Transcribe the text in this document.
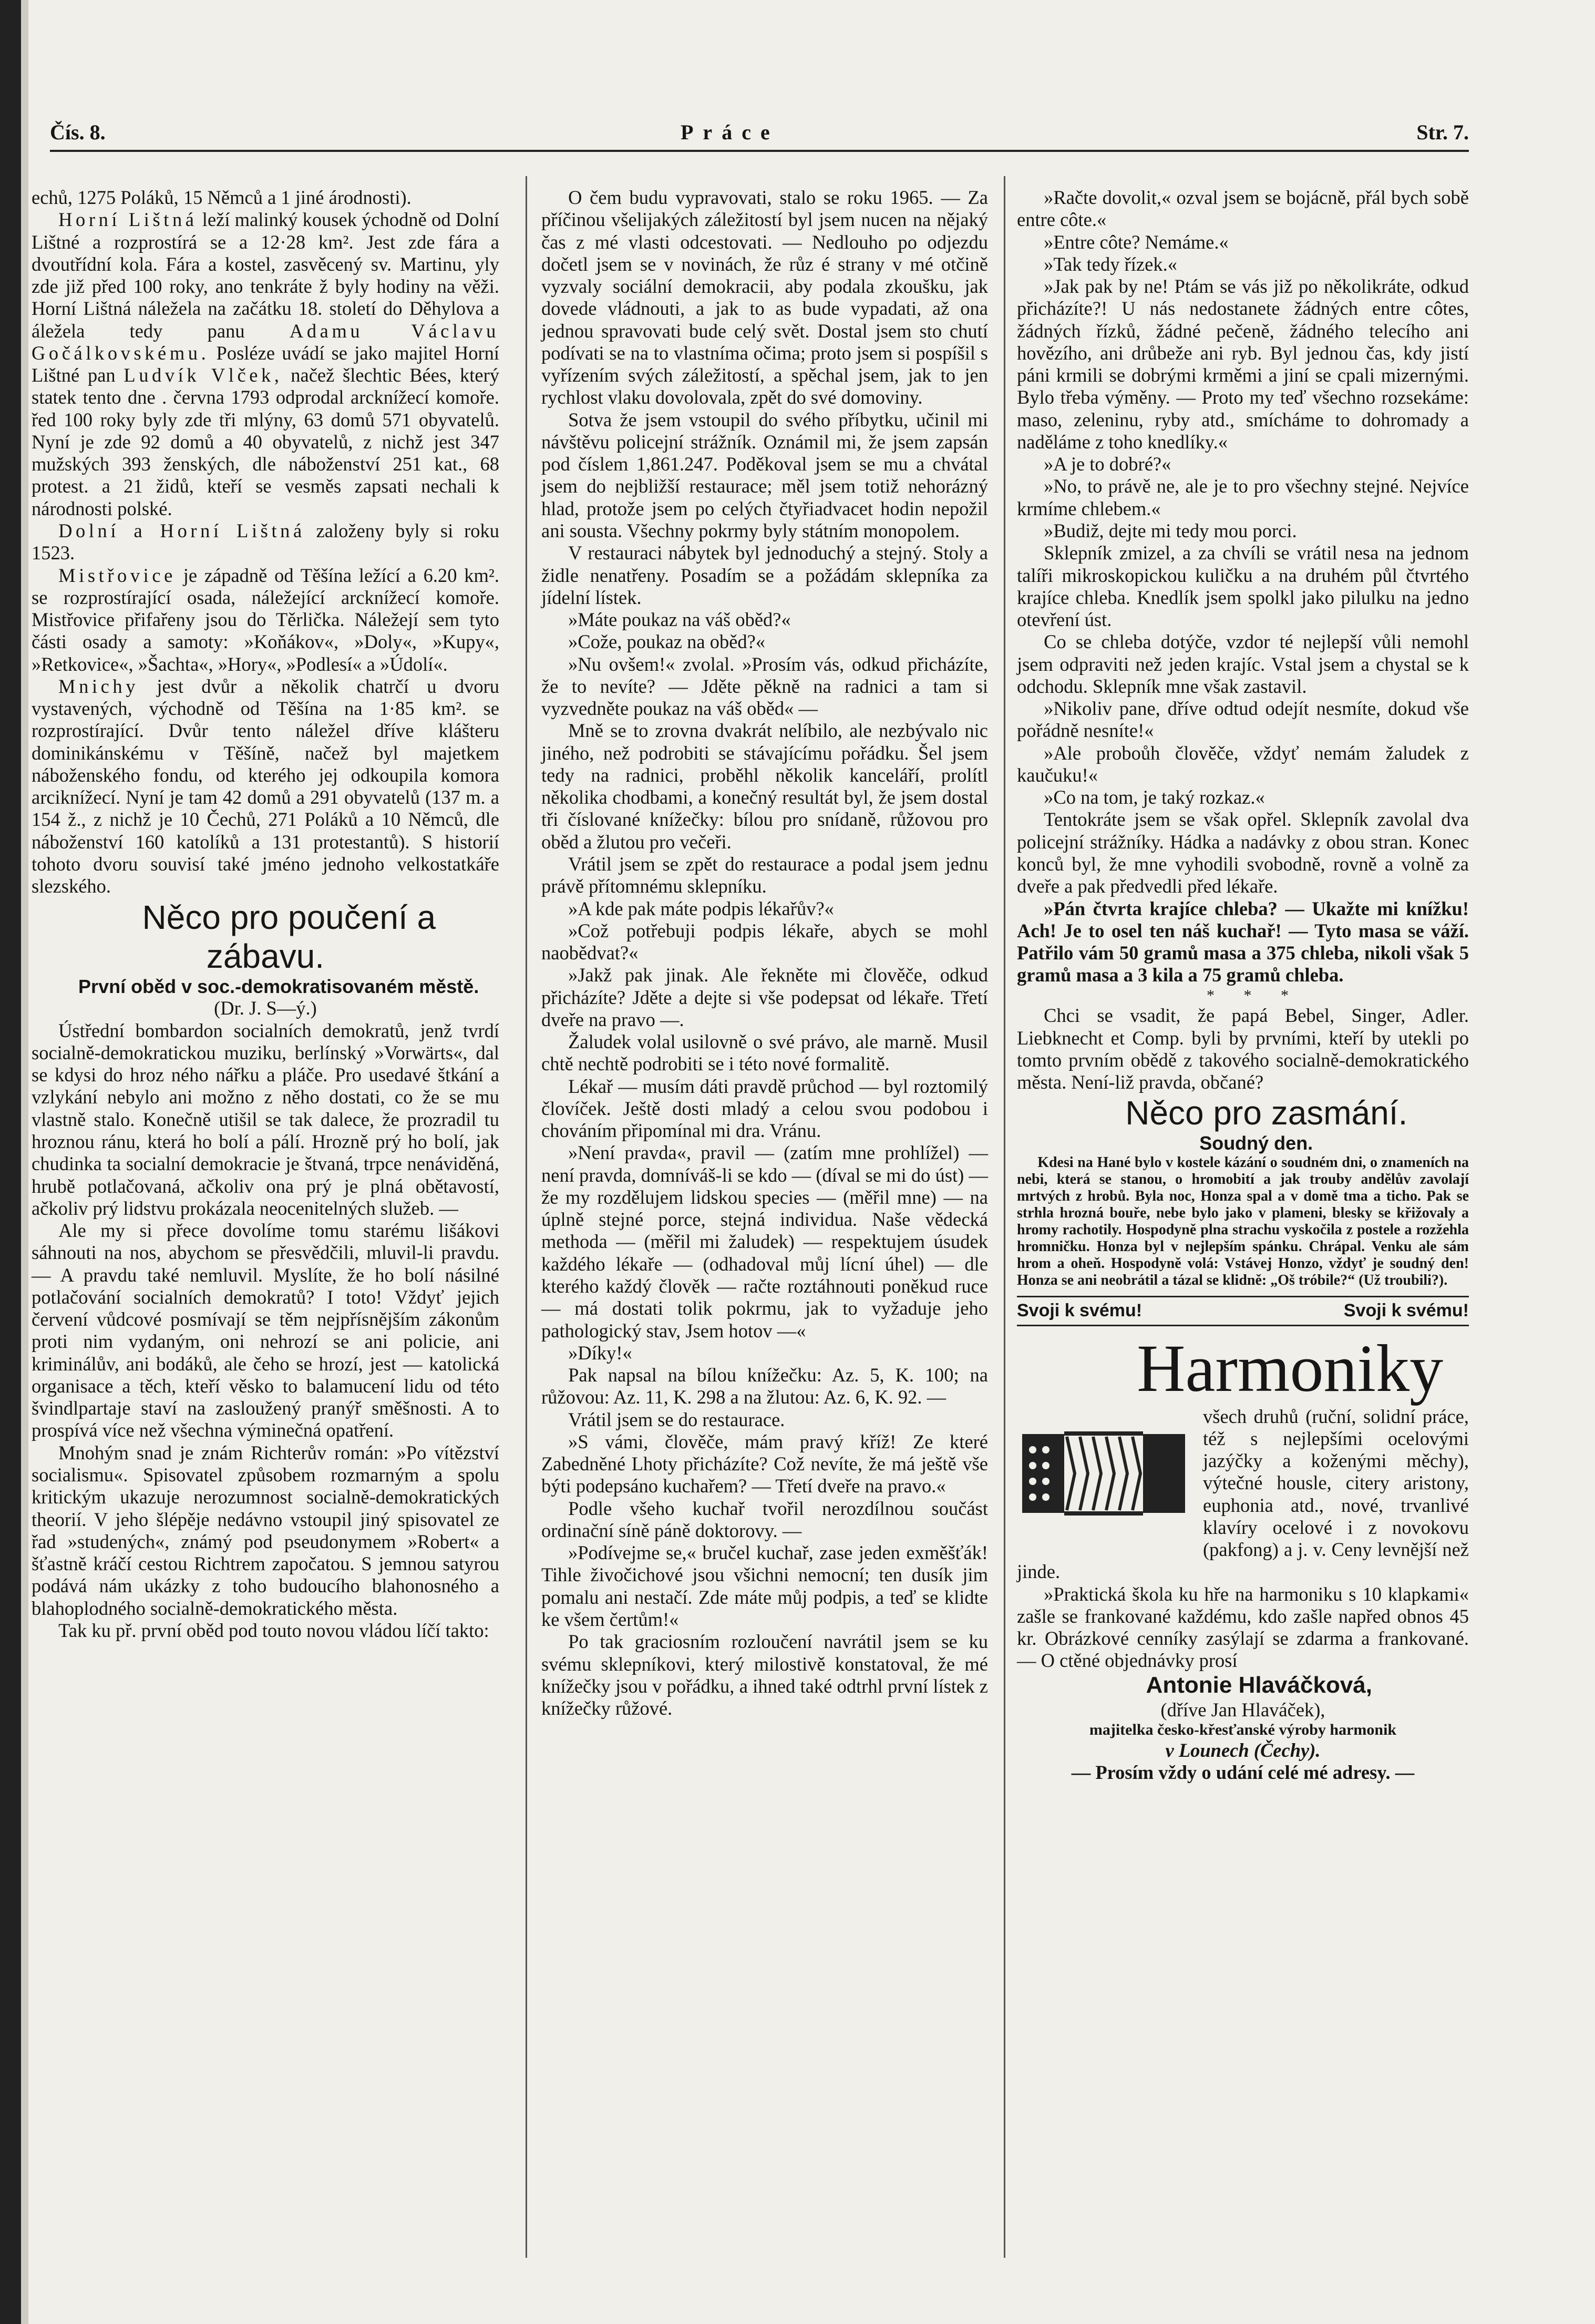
Čís. 8.	Práce	Str. 7.

echů, 1275 Poláků, 15 Němců a 1 jiné árodnosti).

Horní Lištná leží malinký kousek ýchodně od Dolní Lištné a rozprostírá se a 12·28 km². Jest zde fára a dvoutřídní kola. Fára a kostel, zasvěcený sv. Martinu, yly zde již před 100 roky, ano tenkráte ž byly hodiny na věži. Horní Lištná náležela na začátku 18. století do Děhylova a áležela tedy panu Adamu Václavu Gočálkovskému. Posléze uvádí se jako majitel Horní Lištné pan Ludvík Vlček, načež šlechtic Bées, který statek tento dne . června 1793 odprodal arcknížecí komoře. řed 100 roky byly zde tři mlýny, 63 domů 571 obyvatelů. Nyní je zde 92 domů a 40 obyvatelů, z nichž jest 347 mužských 393 ženských, dle náboženství 251 kat., 68 protest. a 21 židů, kteří se vesměs zapsati nechali k národnosti polské.

Dolní a Horní Lištná založeny byly si roku 1523.

Mistřovice je západně od Těšína ležící a 6.20 km². se rozprostírající osada, náležející arcknížecí komoře. Mistřovice přifařeny jsou do Těrlička. Náležejí sem tyto části osady a samoty: »Koňákov«, »Doly«, »Kupy«, »Retkovice«, »Šachta«, »Hory«, »Podlesí« a »Údolí«.

Mnichy jest dvůr a několik chatrčí u dvoru vystavených, východně od Těšína na 1·85 km². se rozprostírající. Dvůr tento náležel dříve klášteru dominikánskému v Těšíně, načež byl majetkem náboženského fondu, od kterého jej odkoupila komora arciknížecí. Nyní je tam 42 domů a 291 obyvatelů (137 m. a 154 ž., z nichž je 10 Čechů, 271 Poláků a 10 Němců, dle náboženství 160 katolíků a 131 protestantů). S historií tohoto dvoru souvisí také jméno jednoho velkostatkáře slezského.

Něco pro poučení a zábavu.

První oběd v soc.-demokratisovaném městě.

(Dr. J. S—ý.)

Ústřední bombardon socialních demokratů, jenž tvrdí socialně-demokratickou muziku, berlínský »Vorwärts«, dal se kdysi do hroz ného nářku a pláče. Pro usedavé štkání a vzlykání nebylo ani možno z něho dostati, co že se mu vlastně stalo. Konečně utišil se tak dalece, že prozradil tu hroznou ránu, která ho bolí a pálí. Hrozně prý ho bolí, jak chudinka ta socialní demokracie je štvaná, trpce nenáviděná, hrubě potlačovaná, ačkoliv ona prý je plná obětavostí, ačkoliv prý lidstvu prokázala neocenitelných služeb. —

Ale my si přece dovolíme tomu starému lišákovi sáhnouti na nos, abychom se přesvědčili, mluvil-li pravdu. — A pravdu také nemluvil. Myslíte, že ho bolí násilné potlačování socialních demokratů? I toto! Vždyť jejich červení vůdcové posmívají se těm nejpřísnějším zákonům proti nim vydaným, oni nehrozí se ani policie, ani kriminálův, ani bodáků, ale čeho se hrozí, jest — katolická organisace a těch, kteří věsko to balamucení lidu od této švindlpartaje staví na zasloužený pranýř směšnosti. A to prospívá více než všechna výminečná opatření.

Mnohým snad je znám Richterův román: »Po vítězství socialismu«. Spisovatel způsobem rozmarným a spolu kritickým ukazuje nerozumnost socialně-demokratických theorií. V jeho šlépěje nedávno vstoupil jiný spisovatel ze řad »studených«, známý pod pseudonymem »Robert« a šťastně kráčí cestou Richtrem započatou. S jemnou satyrou podává nám ukázky z toho budoucího blahonosného a blahoplodného socialně-demokratického města.

Tak ku př. první oběd pod touto novou vládou líčí takto:

O čem budu vypravovati, stalo se roku 1965. — Za příčinou všelijakých záležitostí byl jsem nucen na nějaký čas z mé vlasti odcestovati. — Nedlouho po odjezdu dočetl jsem se v novinách, že růz é strany v mé otčině vyzvaly sociální demokracii, aby podala zkoušku, jak dovede vládnouti, a jak to as bude vypadati, až ona jednou spravovati bude celý svět. Dostal jsem sto chutí podívati se na to vlastníma očima; proto jsem si pospíšil s vyřízením svých záležitostí, a spěchal jsem, jak to jen rychlost vlaku dovolovala, zpět do své domoviny.

Sotva že jsem vstoupil do svého příbytku, učinil mi návštěvu policejní strážník. Oznámil mi, že jsem zapsán pod číslem 1,861.247. Poděkoval jsem se mu a chvátal jsem do nejbližší restaurace; měl jsem totiž nehorázný hlad, protože jsem po celých čtyřiadvacet hodin nepožil ani sousta. Všechny pokrmy byly státním monopolem.

V restauraci nábytek byl jednoduchý a stejný. Stoly a židle nenatřeny. Posadím se a požádám sklepníka za jídelní lístek.

»Máte poukaz na váš oběd?«

»Cože, poukaz na oběd?«

»Nu ovšem!« zvolal. »Prosím vás, odkud přicházíte, že to nevíte? — Jděte pěkně na radnici a tam si vyzvedněte poukaz na váš oběd« —

Mně se to zrovna dvakrát nelíbilo, ale nezbývalo nic jiného, než podrobiti se stávajícímu pořádku. Šel jsem tedy na radnici, proběhl několik kanceláří, prolítl několika chodbami, a konečný resultát byl, že jsem dostal tři číslované knížečky: bílou pro snídaně, růžovou pro oběd a žlutou pro večeři.

Vrátil jsem se zpět do restaurace a podal jsem jednu právě přítomnému sklepníku.

»A kde pak máte podpis lékařův?«

»Což potřebuji podpis lékaře, abych se mohl naobědvat?«

»Jakž pak jinak. Ale řekněte mi člověče, odkud přicházíte? Jděte a dejte si vše podepsat od lékaře. Třetí dveře na pravo —.

Žaludek volal usilovně o své právo, ale marně. Musil chtě nechtě podrobiti se i této nové formalitě.

Lékař — musím dáti pravdě průchod — byl roztomilý človíček. Ještě dosti mladý a celou svou podobou i chováním připomínal mi dra. Vránu.

»Není pravda«, pravil — (zatím mne prohlížel) — není pravda, domníváš-li se kdo — (díval se mi do úst) — že my rozdělujem lidskou species — (měřil mne) — na úplně stejné porce, stejná individua. Naše vědecká methoda — (měřil mi žaludek) — respektujem úsudek každého lékaře — (odhadoval můj lícní úhel) — dle kterého každý člověk — račte roztáhnouti poněkud ruce — má dostati tolik pokrmu, jak to vyžaduje jeho pathologický stav, Jsem hotov —«

»Díky!«

Pak napsal na bílou knížečku: Az. 5, K. 100; na růžovou: Az. 11, K. 298 a na žlutou: Az. 6, K. 92. —

Vrátil jsem se do restaurace.

»S vámi, člověče, mám pravý kříž! Ze které Zabedněné Lhoty přicházíte? Což nevíte, že má ještě vše býti podepsáno kuchařem? — Třetí dveře na pravo.«

Podle všeho kuchař tvořil nerozdílnou součást ordinační síně páně doktorovy. —

»Podívejme se,« bručel kuchař, zase jeden exměšťák! Tihle živočichové jsou všichni nemocní; ten dusík jim pomalu ani nestačí. Zde máte můj podpis, a teď se klidte ke všem čertům!«

Po tak graciosním rozloučení navrátil jsem se ku svému sklepníkovi, který milostivě konstatoval, že mé knížečky jsou v pořádku, a ihned také odtrhl první lístek z knížečky růžové.

»Račte dovolit,« ozval jsem se bojácně, přál bych sobě entre côte.«

»Entre côte? Nemáme.«

»Tak tedy řízek.«

»Jak pak by ne! Ptám se vás již po několikráte, odkud přicházíte?! U nás nedostanete žádných entre côtes, žádných řízků, žádné pečeně, žádného telecího ani hovězího, ani drůbeže ani ryb. Byl jednou čas, kdy jistí páni krmili se dobrými krměmi a jiní se cpali mizernými. Bylo třeba výměny. — Proto my teď všechno rozsekáme: maso, zeleninu, ryby atd., smícháme to dohromady a naděláme z toho knedlíky.«

»A je to dobré?«

»No, to právě ne, ale je to pro všechny stejné. Nejvíce krmíme chlebem.«

»Budiž, dejte mi tedy mou porci.

Sklepník zmizel, a za chvíli se vrátil nesa na jednom talíři mikroskopickou kuličku a na druhém půl čtvrtého krajíce chleba. Knedlík jsem spolkl jako pilulku na jedno otevření úst.

Co se chleba dotýče, vzdor té nejlepší vůli nemohl jsem odpraviti než jeden krajíc. Vstal jsem a chystal se k odchodu. Sklepník mne však zastavil.

»Nikoliv pane, dříve odtud odejít nesmíte, dokud vše pořádně nesníte!«

»Ale proboůh člověče, vždyť nemám žaludek z kaučuku!«

»Co na tom, je taký rozkaz.«

Tentokráte jsem se však opřel. Sklepník zavolal dva policejní strážníky. Hádka a nadávky z obou stran. Konec konců byl, že mne vyhodili svobodně, rovně a volně za dveře a pak předvedli před lékaře.

»Pán čtvrta krajíce chleba? — Ukažte mi knížku! Ach! Je to osel ten náš kuchař! — Tyto masa se váží. Patřilo vám 50 gramů masa a 375 chleba, nikoli však 5 gramů masa a 3 kila a 75 gramů chleba.

* * *

Chci se vsadit, že papá Bebel, Singer, Adler. Liebknecht et Comp. byli by prvními, kteří by utekli po tomto prvním obědě z takového socialně-demokratického města. Není-liž pravda, občané?

Něco pro zasmání.

Soudný den.

Kdesi na Hané bylo v kostele kázání o soudném dni, o znameních na nebi, která se stanou, o hromobití a jak trouby andělův zavolají mrtvých z hrobů. Byla noc, Honza spal a v domě tma a ticho. Pak se strhla hrozná bouře, nebe bylo jako v plameni, blesky se křižovaly a hromy rachotily. Hospodyně plna strachu vyskočila z postele a rozžehla hromničku. Honza byl v nejlepším spánku. Chrápal. Venku ale sám hrom a oheň. Hospodyně volá: Vstávej Honzo, vždyť je soudný den! Honza se ani neobrátil a tázal se klidně: „Oš tróbile?“ (Už troubili?).

Svoji k svému!	Svoji k svému!

Harmoniky

všech druhů (ruční, solidní práce, též s nejlepšími ocelovými jazýčky a koženými měchy), výtečné housle, citery aristony, euphonia atd., nové, trvanlivé klavíry ocelové i z novokovu (pakfong) a j. v. Ceny levnější než jinde.

»Praktická škola ku hře na harmoniku s 10 klapkami« zašle se frankované každému, kdo zašle napřed obnos 45 kr. Obrázkové cenníky zasýlají se zdarma a frankované. — O ctěné objednávky prosí

Antonie Hlaváčková,

(dříve Jan Hlaváček),

majitelka česko-křesťanské výroby harmonik

v Lounech (Čechy).

— Prosím vždy o udání celé mé adresy. —
